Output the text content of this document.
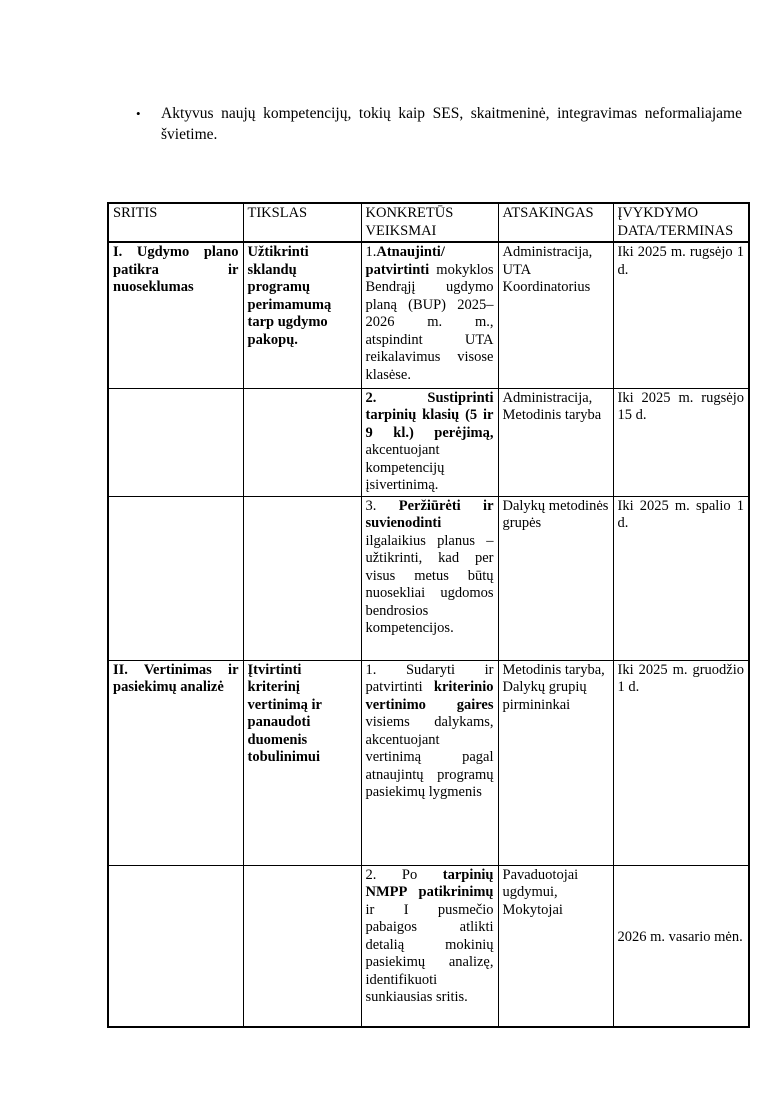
•	Aktyvus naujų kompetencijų, tokių kaip SES, skaitmeninė, integravimas neformaliajame švietime.
SRITIS	TIKSLAS	KONKRETŪS VEIKSMAI	ATSAKINGAS	ĮVYKDYMO DATA/TERMINAS

I. Ugdymo plano patikra ir nuoseklumas	Užtikrinti sklandų programų perimamumą tarp ugdymo pakopų.	1.Atnaujinti/ patvirtinti mokyklos Bendrąjį ugdymo planą (BUP) 2025–2026 m. m., atspindint UTA reikalavimus visose klasėse.	Administracija, UTA Koordinatorius	Iki 2025 m. rugsėjo 1 d.

		2. Sustiprinti tarpinių klasių (5 ir 9 kl.) perėjimą, akcentuojant kompetencijų įsivertinimą.	Administracija, Metodinis taryba	Iki 2025 m. rugsėjo 15 d.

		3. Peržiūrėti ir suvienodinti ilgalaikius planus – užtikrinti, kad per visus metus būtų nuosekliai ugdomos bendrosios kompetencijos.	Dalykų metodinės grupės	Iki 2025 m. spalio 1 d.

II. Vertinimas ir pasiekimų analizė	Įtvirtinti kriterinį vertinimą ir panaudoti duomenis tobulinimui	1. Sudaryti ir patvirtinti kriterinio vertinimo gaires visiems dalykams, akcentuojant vertinimą pagal atnaujintų programų pasiekimų lygmenis	Metodinis taryba, Dalykų grupių pirmininkai	Iki 2025 m. gruodžio 1 d.

		2. Po tarpinių NMPP patikrinimų ir I pusmečio pabaigos atlikti detalią mokinių pasiekimų analizę, identifikuoti sunkiausias sritis.	Pavaduotojai ugdymui, Mokytojai	2026 m. vasario mėn.
